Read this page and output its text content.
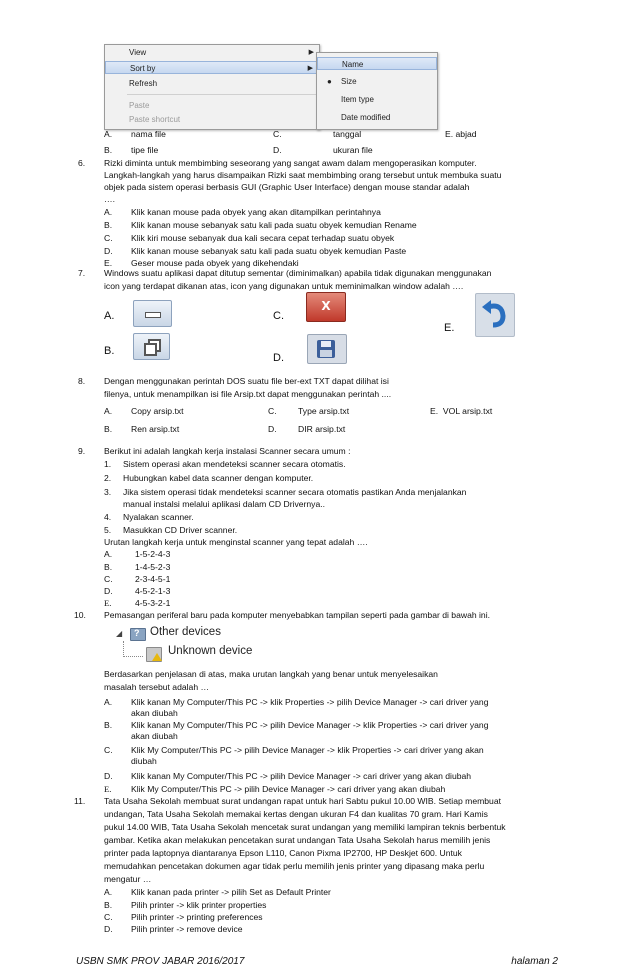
View	▶
Sort by	▶
Refresh
Paste
Paste shortcut
Name
● Size
Item type
Date modified
A. nama file	C.	tanggal	E. abjad
B. tipe file	D.	ukuran file
6. Rizki diminta untuk membimbing seseorang yang sangat awam dalam mengoperasikan komputer.
Langkah-langkah yang harus disampaikan Rizki saat membimbing orang tersebut untuk membuka suatu
objek pada sistem operasi berbasis GUI (Graphic User Interface) dengan mouse standar adalah
….
A. Klik kanan mouse pada obyek yang akan ditampilkan perintahnya
B. Klik kanan mouse sebanyak satu kali pada suatu obyek kemudian Rename
C. Klik kiri mouse sebanyak dua kali secara cepat terhadap suatu obyek
D. Klik kanan mouse sebanyak satu kali pada suatu obyek kemudian Paste
E. Geser mouse pada obyek yang dikehendaki
7. Windows suatu aplikasi dapat ditutup sementar (diminimalkan) apabila tidak digunakan menggunakan
icon yang terdapat dikanan atas, icon yang digunakan untuk meminimalkan window adalah ….
A.
B.
C.
X
D.
E.
8. Dengan menggunakan perintah DOS suatu file ber-ext TXT dapat dilihat isi
filenya, untuk menampilkan isi file Arsip.txt dapat menggunakan perintah ....
A. Copy arsip.txt	C. Type arsip.txt	E. VOL arsip.txt
B. Ren arsip.txt	D. DIR arsip.txt
9. Berikut ini adalah langkah kerja instalasi Scanner secara umum :
1. Sistem operasi akan mendeteksi scanner secara otomatis.
2. Hubungkan kabel data scanner dengan komputer.
3. Jika sistem operasi tidak mendeteksi scanner secara otomatis pastikan Anda menjalankan
manual instalsi melalui aplikasi dalam CD Drivernya..
4. Nyalakan scanner.
5. Masukkan CD Driver scanner.
Urutan langkah kerja untuk menginstal scanner yang tepat adalah ….
A.	1-5-2-4-3
B.	1-4-5-2-3
C.	2-3-4-5-1
D.	4-5-2-1-3
E.	4-5-3-2-1
10. Pemasangan periferal baru pada komputer menyebabkan tampilan seperti pada gambar di bawah ini.
◢ ? Other devices
Unknown device
Berdasarkan penjelasan di atas, maka urutan langkah yang benar untuk menyelesaikan
masalah tersebut adalah …
A. Klik kanan My Computer/This PC -> klik Properties -> pilih Device Manager -> cari driver yang
akan diubah
B. Klik kanan My Computer/This PC -> pilih Device Manager -> klik Properties -> cari driver yang
akan diubah
C. Klik My Computer/This PC -> pilih Device Manager -> klik Properties -> cari driver yang akan
diubah
D. Klik kanan My Computer/This PC -> pilih Device Manager -> cari driver yang akan diubah
E. Klik My Computer/This PC -> pilih Device Manager -> cari driver yang akan diubah
11. Tata Usaha Sekolah membuat surat undangan rapat untuk hari Sabtu pukul 10.00 WIB. Setiap membuat
undangan, Tata Usaha Sekolah memakai kertas dengan ukuran F4 dan kualitas 70 gram. Hari Kamis
pukul 14.00 WIB, Tata Usaha Sekolah mencetak surat undangan yang memiliki lampiran teknis berbentuk
gambar. Ketika akan melakukan pencetakan surat undangan Tata Usaha Sekolah harus memilih jenis
printer pada laptopnya diantaranya Epson L110, Canon Pixma IP2700, HP Deskjet 600. Untuk
memudahkan pencetakan dokumen agar tidak perlu memilih jenis printer yang dipasang maka perlu
mengatur …
A. Klik kanan pada printer -> pilih Set as Default Printer
B. Pilih printer -> klik printer properties
C. Pilih printer -> printing preferences
D. Pilih printer -> remove device
USBN SMK PROV JABAR 2016/2017	halaman 2
